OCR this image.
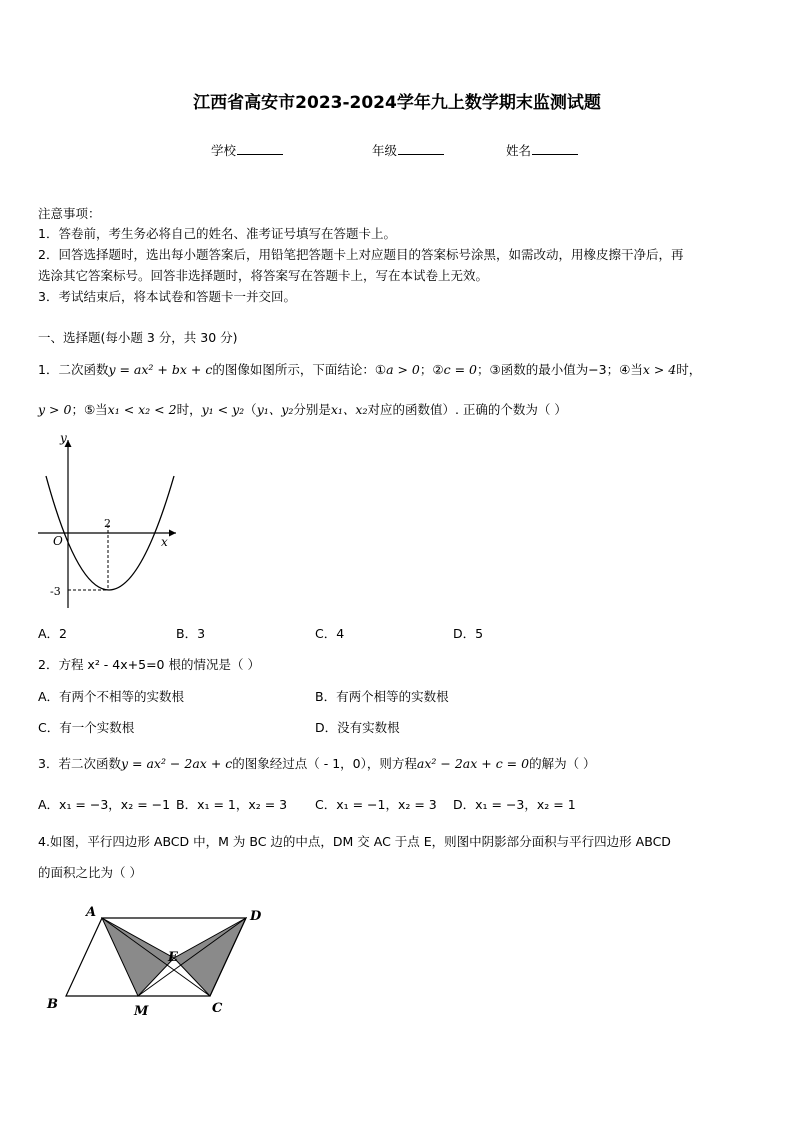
江西省高安市2023-2024学年九上数学期末监测试题
学校	年级	姓名
注意事项：
1．答卷前，考生务必将自己的姓名、准考证号填写在答题卡上。
2．回答选择题时，选出每小题答案后，用铅笔把答题卡上对应题目的答案标号涂黑，如需改动，用橡皮擦干净后，再
选涂其它答案标号。回答非选择题时，将答案写在答题卡上，写在本试卷上无效。
3．考试结束后，将本试卷和答题卡一并交回。
一、选择题(每小题 3 分，共 30 分)
1．二次函数y = ax² + bx + c的图像如图所示，下面结论：①a > 0；②c = 0；③函数的最小值为−3；④当x > 4时，
y > 0；⑤当x₁ < x₂ < 2时，y₁ < y₂（y₁、y₂分别是x₁、x₂对应的函数值）. 正确的个数为（ ）
y
x
O
2
-3
A．2	B．3	C．4	D．5
2．方程 x² - 4x+5=0 根的情况是（ ）
A．有两个不相等的实数根	B．有两个相等的实数根
C．有一个实数根	D．没有实数根
3．若二次函数y = ax² − 2ax + c的图象经过点（ - 1，0），则方程ax² − 2ax + c = 0的解为（ ）
A．x₁ = −3，x₂ = −1 B．x₁ = 1，x₂ = 3 C．x₁ = −1，x₂ = 3 D．x₁ = −3，x₂ = 1
4.如图，平行四边形 ABCD 中，M 为 BC 边的中点，DM 交 AC 于点 E，则图中阴影部分面积与平行四边形 ABCD
的面积之比为（ ）
A	D
B	C
M
E
